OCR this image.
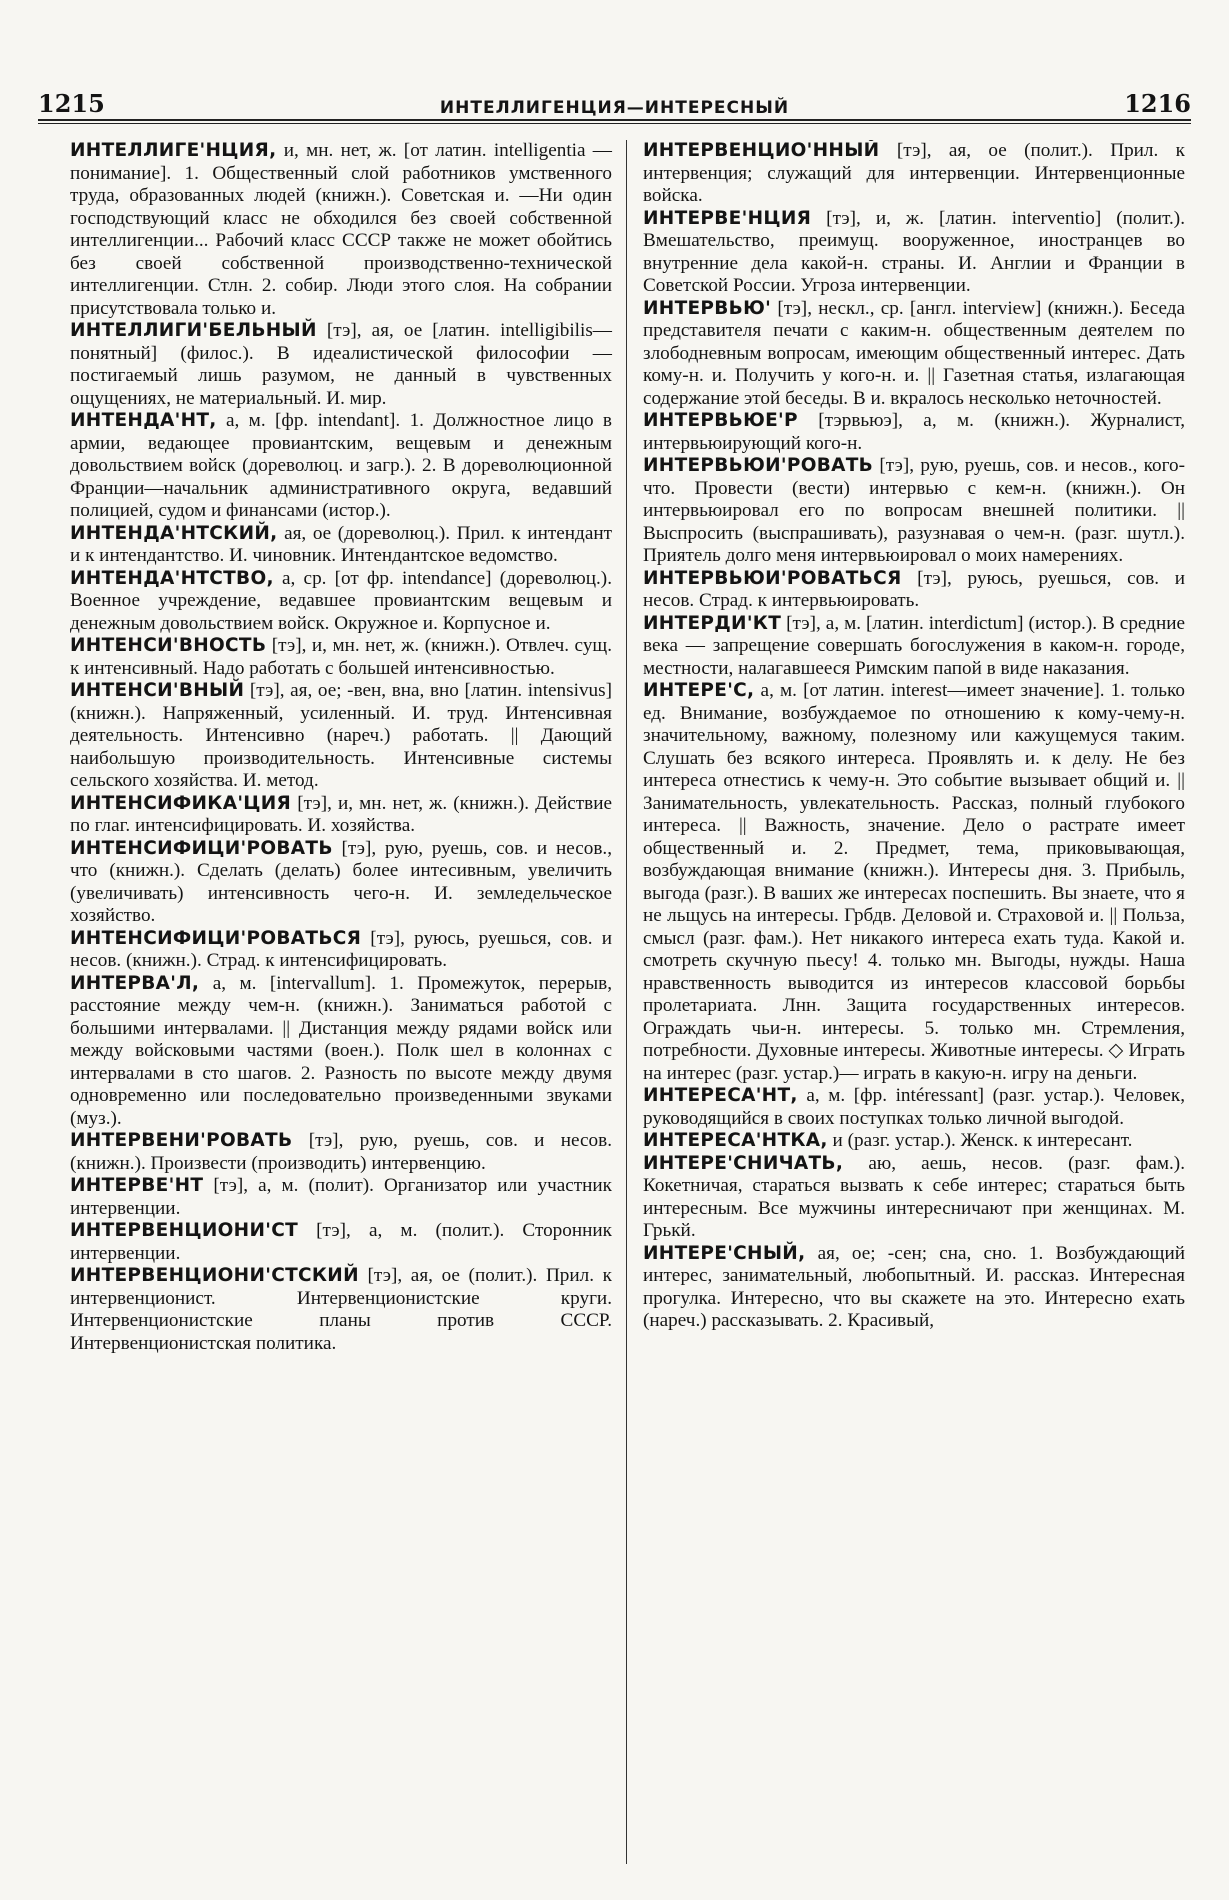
1215	ИНТЕЛЛИГЕНЦИЯ—ИНТЕРЕСНЫЙ	1216

ИНТЕЛЛИГЕ'НЦИЯ, и, мн. нет, ж. [от латин. intelligentia — понимание]. 1. Общественный слой работников умственного труда, образованных людей (книжн.). Советская и. —Ни один господствующий класс не обходился без своей собственной интеллигенции... Рабочий класс СССР также не может обойтись без своей собственной производственно-технической интеллигенции. Стлн. 2. собир. Люди этого слоя. На собрании присутствовала только и.

ИНТЕЛЛИГИ'БЕЛЬНЫЙ [тэ], ая, ое [латин. intelligibilis—понятный] (филос.). В идеалистической философии — постигаемый лишь разумом, не данный в чувственных ощущениях, не материальный. И. мир.

ИНТЕНДА'НТ, а, м. [фр. intendant]. 1. Должностное лицо в армии, ведающее провиантским, вещевым и денежным довольствием войск (дореволюц. и загр.). 2. В дореволюционной Франции—начальник административного округа, ведавший полицией, судом и финансами (истор.).

ИНТЕНДА'НТСКИЙ, ая, ое (дореволюц.). Прил. к интендант и к интендантство. И. чиновник. Интендантское ведомство.

ИНТЕНДА'НТСТВО, а, ср. [от фр. intendance] (дореволюц.). Военное учреждение, ведавшее провиантским вещевым и денежным довольствием войск. Окружное и. Корпусное и.

ИНТЕНСИ'ВНОСТЬ [тэ], и, мн. нет, ж. (книжн.). Отвлеч. сущ. к интенсивный. Надо работать с большей интенсивностью.

ИНТЕНСИ'ВНЫЙ [тэ], ая, ое; -вен, вна, вно [латин. intensivus] (книжн.). Напряженный, усиленный. И. труд. Интенсивная деятельность. Интенсивно (нареч.) работать. || Дающий наибольшую производительность. Интенсивные системы сельского хозяйства. И. метод.

ИНТЕНСИФИКА'ЦИЯ [тэ], и, мн. нет, ж. (книжн.). Действие по глаг. интенсифицировать. И. хозяйства.

ИНТЕНСИФИЦИ'РОВАТЬ [тэ], рую, руешь, сов. и несов., что (книжн.). Сделать (делать) более интесивным, увеличить (увеличивать) интенсивность чего-н. И. земледельческое хозяйство.

ИНТЕНСИФИЦИ'РОВАТЬСЯ [тэ], руюсь, руешься, сов. и несов. (книжн.). Страд. к интенсифицировать.

ИНТЕРВА'Л, а, м. [intervallum]. 1. Промежуток, перерыв, расстояние между чем-н. (книжн.). Заниматься работой с большими интервалами. || Дистанция между рядами войск или между войсковыми частями (воен.). Полк шел в колоннах с интервалами в сто шагов. 2. Разность по высоте между двумя одновременно или последовательно произведенными звуками (муз.).

ИНТЕРВЕНИ'РОВАТЬ [тэ], рую, руешь, сов. и несов. (книжн.). Произвести (производить) интервенцию.

ИНТЕРВЕ'НТ [тэ], а, м. (полит). Организатор или участник интервенции.

ИНТЕРВЕНЦИОНИ'СТ [тэ], а, м. (полит.). Сторонник интервенции.

ИНТЕРВЕНЦИОНИ'СТСКИЙ [тэ], ая, ое (полит.). Прил. к интервенционист. Интервенционистские круги. Интервенционистские планы против СССР. Интервенционистская политика.

ИНТЕРВЕНЦИО'ННЫЙ [тэ], ая, ое (полит.). Прил. к интервенция; служащий для интервенции. Интервенционные войска.

ИНТЕРВЕ'НЦИЯ [тэ], и, ж. [латин. interventio] (полит.). Вмешательство, преимущ. вооруженное, иностранцев во внутренние дела какой-н. страны. И. Англии и Франции в Советской России. Угроза интервенции.

ИНТЕРВЬЮ' [тэ], нескл., ср. [англ. interview] (книжн.). Беседа представителя печати с каким-н. общественным деятелем по злободневным вопросам, имеющим общественный интерес. Дать кому-н. и. Получить у кого-н. и. || Газетная статья, излагающая содержание этой беседы. В и. вкралось несколько неточностей.

ИНТЕРВЬЮЕ'Р [тэрвьюэ], а, м. (книжн.). Журналист, интервьюирующий кого-н.

ИНТЕРВЬЮИ'РОВАТЬ [тэ], рую, руешь, сов. и несов., кого-что. Провести (вести) интервью с кем-н. (книжн.). Он интервьюировал его по вопросам внешней политики. || Выспросить (выспрашивать), разузнавая о чем-н. (разг. шутл.). Приятель долго меня интервьюировал о моих намерениях.

ИНТЕРВЬЮИ'РОВАТЬСЯ [тэ], руюсь, руешься, сов. и несов. Страд. к интервьюировать.

ИНТЕРДИ'КТ [тэ], а, м. [латин. interdictum] (истор.). В средние века — запрещение совершать богослужения в каком-н. городе, местности, налагавшееся Римским папой в виде наказания.

ИНТЕРЕ'С, а, м. [от латин. interest—имеет значение]. 1. только ед. Внимание, возбуждаемое по отношению к кому-чему-н. значительному, важному, полезному или кажущемуся таким. Слушать без всякого интереса. Проявлять и. к делу. Не без интереса отнестись к чему-н. Это событие вызывает общий и. || Занимательность, увлекательность. Рассказ, полный глубокого интереса. || Важность, значение. Дело о растрате имеет общественный и. 2. Предмет, тема, приковывающая, возбуждающая внимание (книжн.). Интересы дня. 3. Прибыль, выгода (разг.). В ваших же интересах поспешить. Вы знаете, что я не льщусь на интересы. Грбдв. Деловой и. Страховой и. || Польза, смысл (разг. фам.). Нет никакого интереса ехать туда. Какой и. смотреть скучную пьесу! 4. только мн. Выгоды, нужды. Наша нравственность выводится из интересов классовой борьбы пролетариата. Лнн. Защита государственных интересов. Ограждать чьи-н. интересы. 5. только мн. Стремления, потребности. Духовные интересы. Животные интересы. ◇ Играть на интерес (разг. устар.)— играть в какую-н. игру на деньги.

ИНТЕРЕСА'НТ, а, м. [фр. intéressant] (разг. устар.). Человек, руководящийся в своих поступках только личной выгодой.

ИНТЕРЕСА'НТКА, и (разг. устар.). Женск. к интересант.

ИНТЕРЕ'СНИЧАТЬ, аю, аешь, несов. (разг. фам.). Кокетничая, стараться вызвать к себе интерес; стараться быть интересным. Все мужчины интересничают при женщинах. М. Грькй.

ИНТЕРЕ'СНЫЙ, ая, ое; -сен; сна, сно. 1. Возбуждающий интерес, занимательный, любопытный. И. рассказ. Интересная прогулка. Интересно, что вы скажете на это. Интересно ехать (нареч.) рассказывать. 2. Красивый,
